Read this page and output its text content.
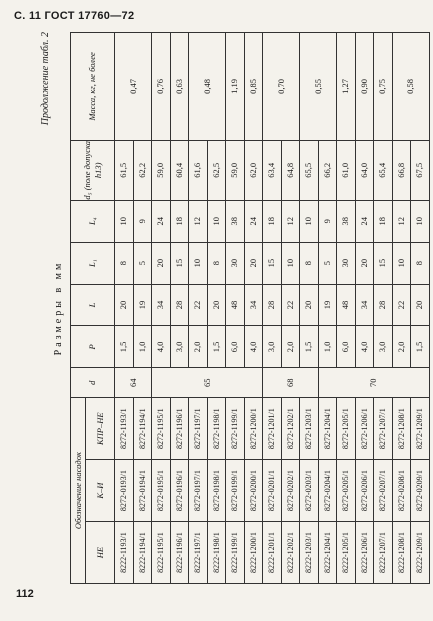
С. 11 ГОСТ 17760—72
Продолжение табл. 2
Размеры в мм
Обозначение насадок			d	P	L	L₁	L₄	d₅ (поле допуска h13)	Масса, кг, не более
НЕ	К–И	КПР–НЕ							
8222-1193/1	8272-0193/1	8272-1193/1	64	1,5	20	8	10	61,5	0,47
8222-1194/1	8272-0194/1	8272-1194/1		1,0	19	5	9	62,2	
8222-1195/1	8272-0195/1	8272-1195/1	65	4,0	34	20	24	59,0	0,76
8222-1196/1	8272-0196/1	8272-1196/1		3,0	28	15	18	60,4	0,63
8222-1197/1	8272-0197/1	8272-1197/1		2,0	22	10	12	61,6	0,48
8222-1198/1	8272-0198/1	8272-1198/1		1,5	20	8	10	62,5	
8222-1199/1	8272-0199/1	8272-1199/1		6,0	48	30	38	59,0	1,19
8222-1200/1	8272-0200/1	8272-1200/1		4,0	34	20	24	62,0	0,85
8222-1201/1	8272-0201/1	8272-1201/1	68	3,0	28	15	18	63,4	0,70
8222-1202/1	8272-0202/1	8272-1202/1		2,0	22	10	12	64,8	
8222-1203/1	8272-0203/1	8272-1203/1		1,5	20	8	10	65,5	0,55
8222-1204/1	8272-0204/1	8272-1204/1	70	1,0	19	5	9	66,2	
8222-1205/1	8272-0205/1	8272-1205/1		6,0	48	30	38	61,0	1,27
8222-1206/1	8272-0206/1	8272-1206/1		4,0	34	20	24	64,0	0,90
8222-1207/1	8272-0207/1	8272-1207/1		3,0	28	15	18	65,4	0,75
8222-1208/1	8272-0208/1	8272-1208/1		2,0	22	10	12	66,8	0,58
8222-1209/1	8272-0209/1	8272-1209/1		1,5	20	8	10	67,5	
112
